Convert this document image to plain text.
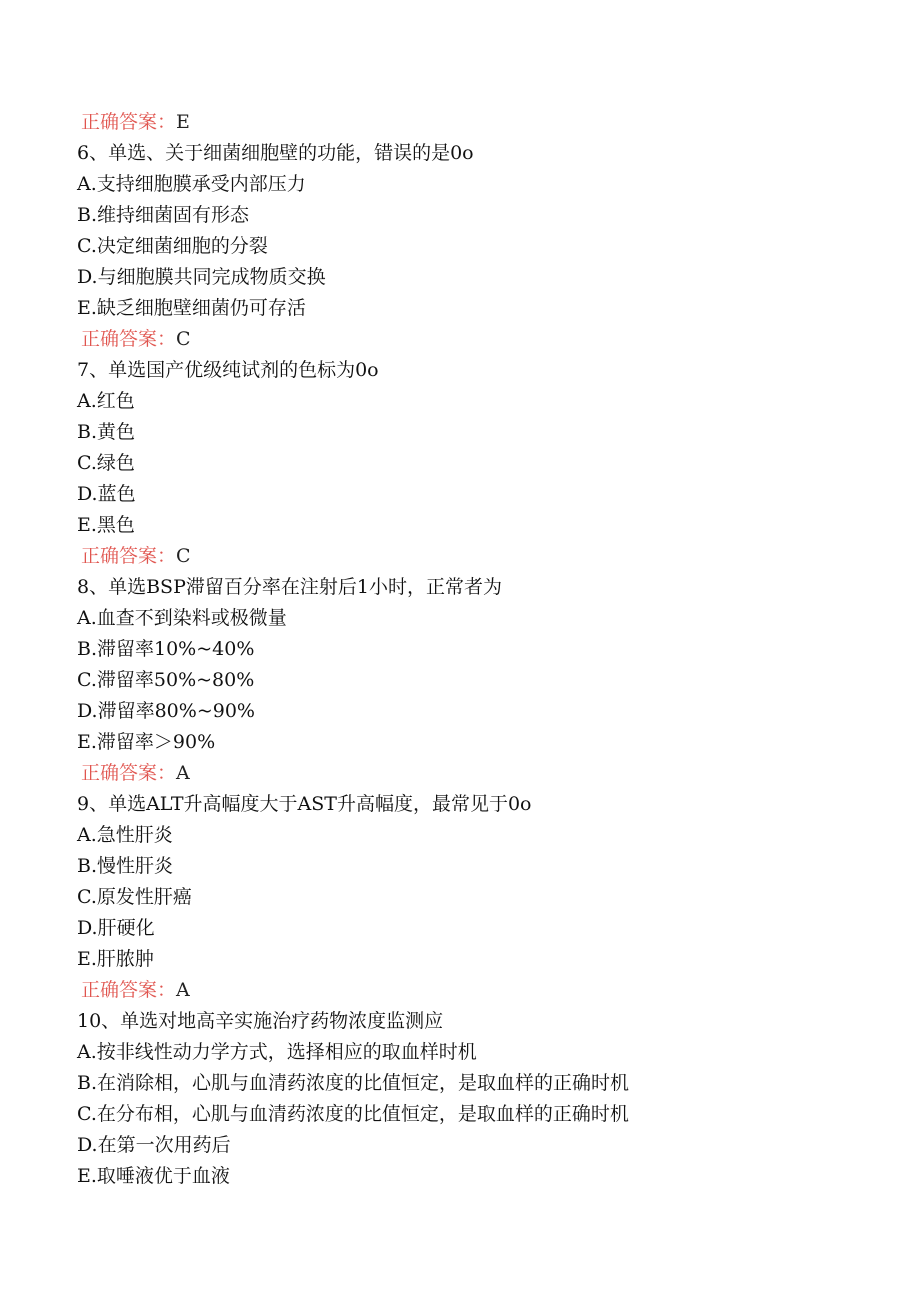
正确答案：E
6、单选、关于细菌细胞壁的功能，错误的是0o
A.支持细胞膜承受内部压力
B.维持细菌固有形态
C.决定细菌细胞的分裂
D.与细胞膜共同完成物质交换
E.缺乏细胞壁细菌仍可存活
正确答案：C
7、单选国产优级纯试剂的色标为0o
A.红色
B.黄色
C.绿色
D.蓝色
E.黑色
正确答案：C
8、单选BSP滞留百分率在注射后1小时，正常者为
A.血查不到染料或极微量
B.滞留率10%~40%
C.滞留率50%~80%
D.滞留率80%~90%
E.滞留率＞90%
正确答案：A
9、单选ALT升高幅度大于AST升高幅度，最常见于0o
A.急性肝炎
B.慢性肝炎
C.原发性肝癌
D.肝硬化
E.肝脓肿
正确答案：A
10、单选对地高辛实施治疗药物浓度监测应
A.按非线性动力学方式，选择相应的取血样时机
B.在消除相，心肌与血清药浓度的比值恒定，是取血样的正确时机
C.在分布相，心肌与血清药浓度的比值恒定，是取血样的正确时机
D.在第一次用药后
E.取唾液优于血液
